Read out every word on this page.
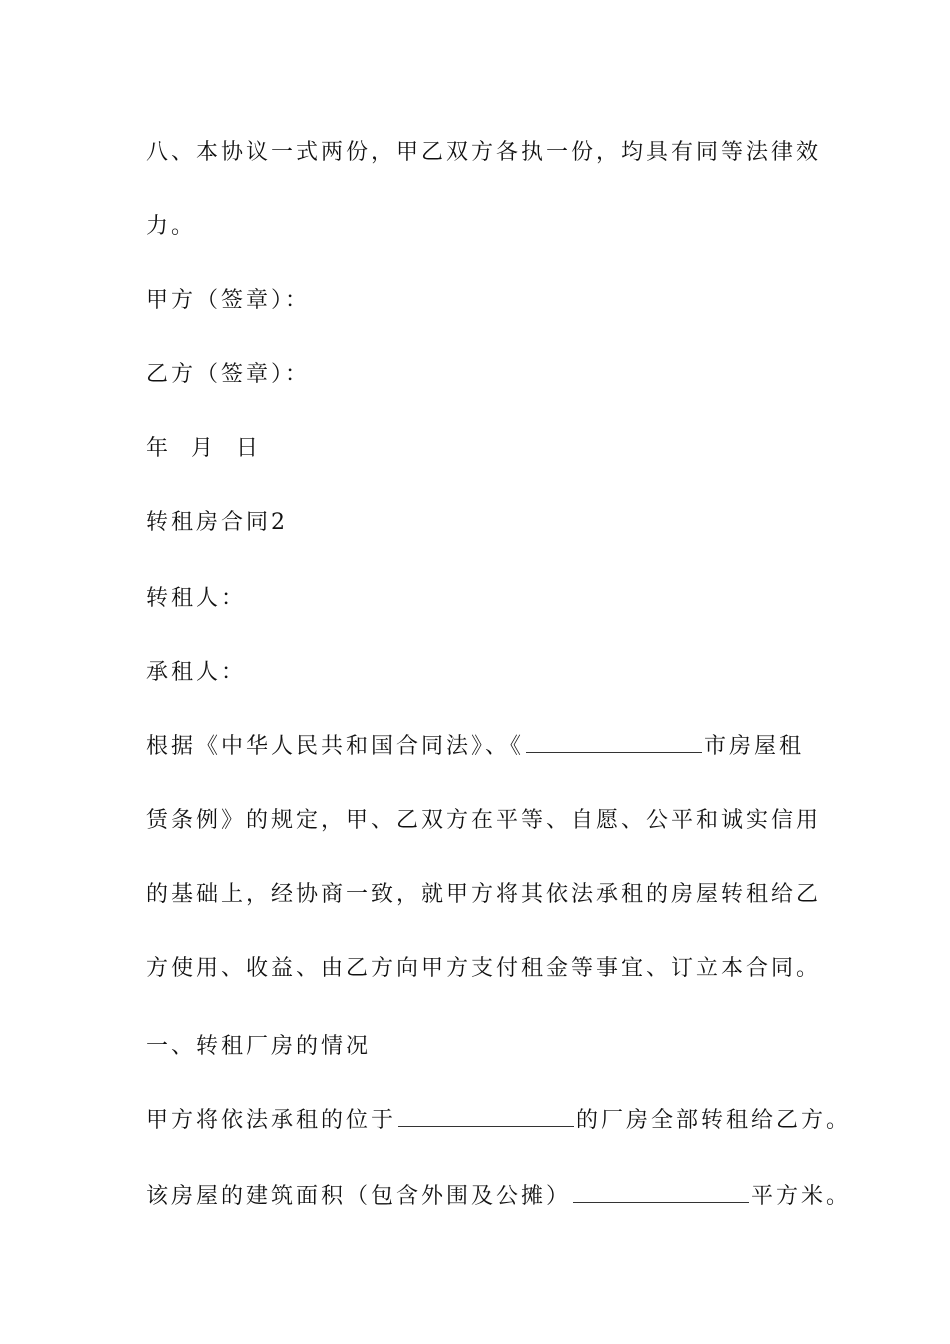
八、本协议一式两份，甲乙双方各执一份，均具有同等法律效
力。
甲方（签章）：
乙方（签章）：
年  月  日
转租房合同2
转租人：
承租人：
根据《中华人民共和国合同法》、《	市房屋租
赁条例》的规定，甲、乙双方在平等、自愿、公平和诚实信用
的基础上，经协商一致，就甲方将其依法承租的房屋转租给乙
方使用、收益、由乙方向甲方支付租金等事宜、订立本合同。
一、转租厂房的情况
甲方将依法承租的位于	的厂房全部转租给乙方。
该房屋的建筑面积（包含外围及公摊）	平方米。
